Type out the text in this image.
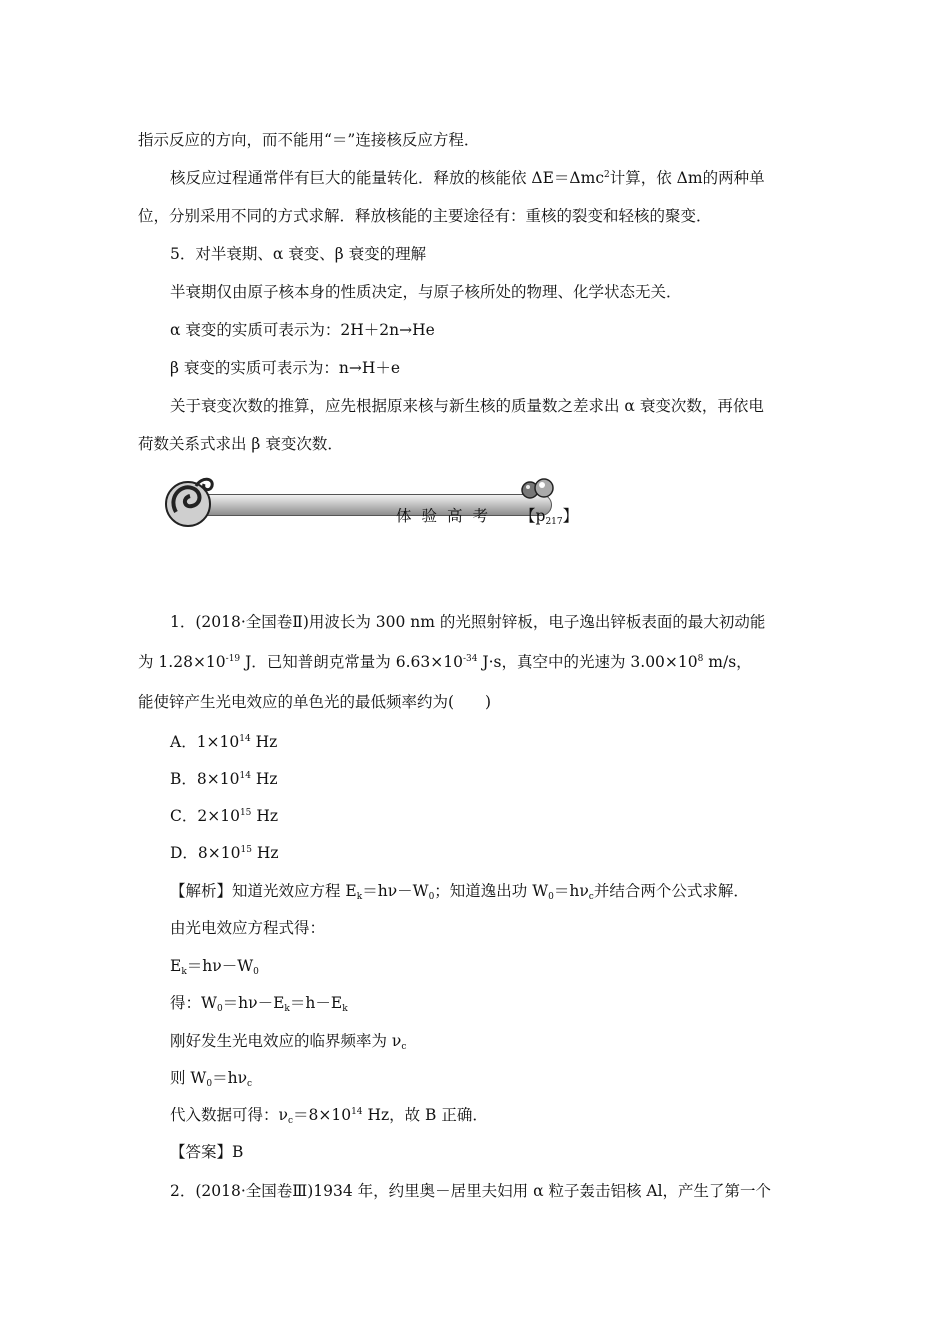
指示反应的方向，而不能用“＝”连接核反应方程．
核反应过程通常伴有巨大的能量转化．释放的核能依 ΔE＝Δmc$^2$计算，依 Δm的两种单
位，分别采用不同的方式求解．释放核能的主要途径有：重核的裂变和轻核的聚变．
5．对半衰期、α 衰变、β 衰变的理解
半衰期仅由原子核本身的性质决定，与原子核所处的物理、化学状态无关．
α 衰变的实质可表示为：2H＋2n→He
β 衰变的实质可表示为：n→H＋e
关于衰变次数的推算，应先根据原来核与新生核的质量数之差求出 α 衰变次数，再依电
荷数关系式求出 β 衰变次数．
体验高考 【$p_{217}$】
1．(2018·全国卷Ⅱ)用波长为 300 nm 的光照射锌板，电子逸出锌板表面的最大初动能
为 $1.28\times 10^{-19}$ J．已知普朗克常量为 $6.63\times 10^{-34}$ J·s，真空中的光速为 $3.00\times 10^8$ m/s，
能使锌产生光电效应的单色光的最低频率约为(　　)
A．$1\times 10^{14}$ Hz
B．$8\times 10^{14}$ Hz
C．$2\times 10^{15}$ Hz
D．$8\times 10^{15}$ Hz
【解析】知道光效应方程 $E_k=h\nu-W_0$；知道逸出功 $W_0=h\nu_c$并结合两个公式求解．
由光电效应方程式得：
$E_k=h\nu-W_0$
得：$W_0=h\nu-E_k=h-E_k$
刚好发生光电效应的临界频率为 $\nu_c$
则 $W_0=h\nu_c$
代入数据可得：$\nu_c=8\times 10^{14}$ Hz，故 B 正确．
【答案】B
2．(2018·全国卷Ⅲ)1934 年，约里奥－居里夫妇用 α 粒子轰击铝核 Al，产生了第一个
